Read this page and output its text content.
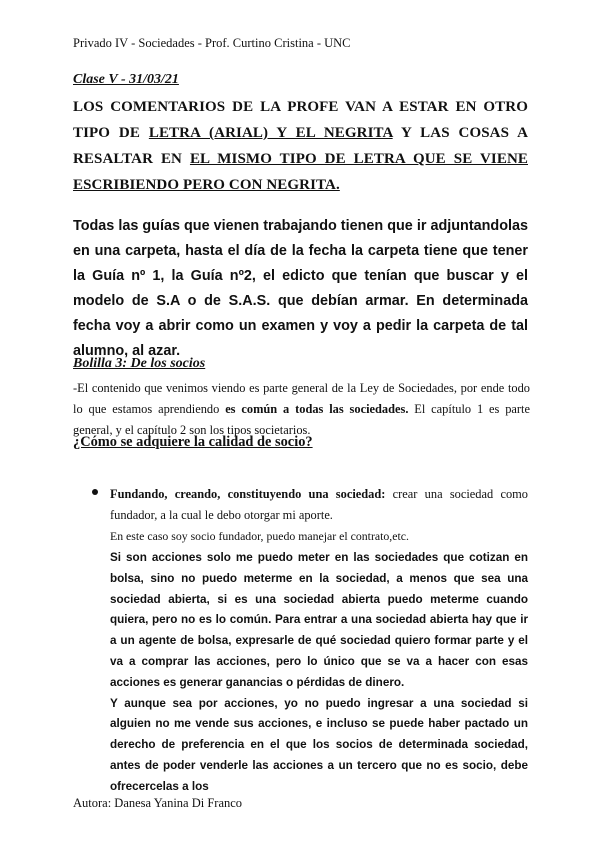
Privado IV - Sociedades - Prof. Curtino Cristina - UNC
Clase V - 31/03/21
LOS COMENTARIOS DE LA PROFE VAN A ESTAR EN OTRO TIPO DE LETRA (ARIAL) Y EL NEGRITA Y LAS COSAS A RESALTAR EN EL MISMO TIPO DE LETRA QUE SE VIENE ESCRIBIENDO PERO CON NEGRITA.
Todas las guías que vienen trabajando tienen que ir adjuntandolas en una carpeta, hasta el día de la fecha la carpeta tiene que tener la Guía nº 1, la Guía nº2, el edicto que tenían que buscar y el modelo de S.A o de S.A.S. que debían armar. En determinada fecha voy a abrir como un examen y voy a pedir la carpeta de tal alumno, al azar.
Bolilla 3: De los socios
-El contenido que venimos viendo es parte general de la Ley de Sociedades, por ende todo lo que estamos aprendiendo es común a todas las sociedades. El capítulo 1 es parte general, y el capítulo 2 son los tipos societarios.
¿Cómo se adquiere la calidad de socio?
Fundando, creando, constituyendo una sociedad: crear una sociedad como fundador, a la cual le debo otorgar mi aporte.
En este caso soy socio fundador, puedo manejar el contrato,etc.

Si son acciones solo me puedo meter en las sociedades que cotizan en bolsa, sino no puedo meterme en la sociedad, a menos que sea una sociedad abierta, si es una sociedad abierta puedo meterme cuando quiera, pero no es lo común. Para entrar a una sociedad abierta hay que ir a un agente de bolsa, expresarle de qué sociedad quiero formar parte y el va a comprar las acciones, pero lo único que se va a hacer con esas acciones es generar ganancias o pérdidas de dinero.

Y aunque sea por acciones, yo no puedo ingresar a una sociedad si alguien no me vende sus acciones, e incluso se puede haber pactado un derecho de preferencia en el que los socios de determinada sociedad, antes de poder venderle las acciones a un tercero que no es socio, debe ofrecercelas a los

Autora: Danesa Yanina Di Franco
